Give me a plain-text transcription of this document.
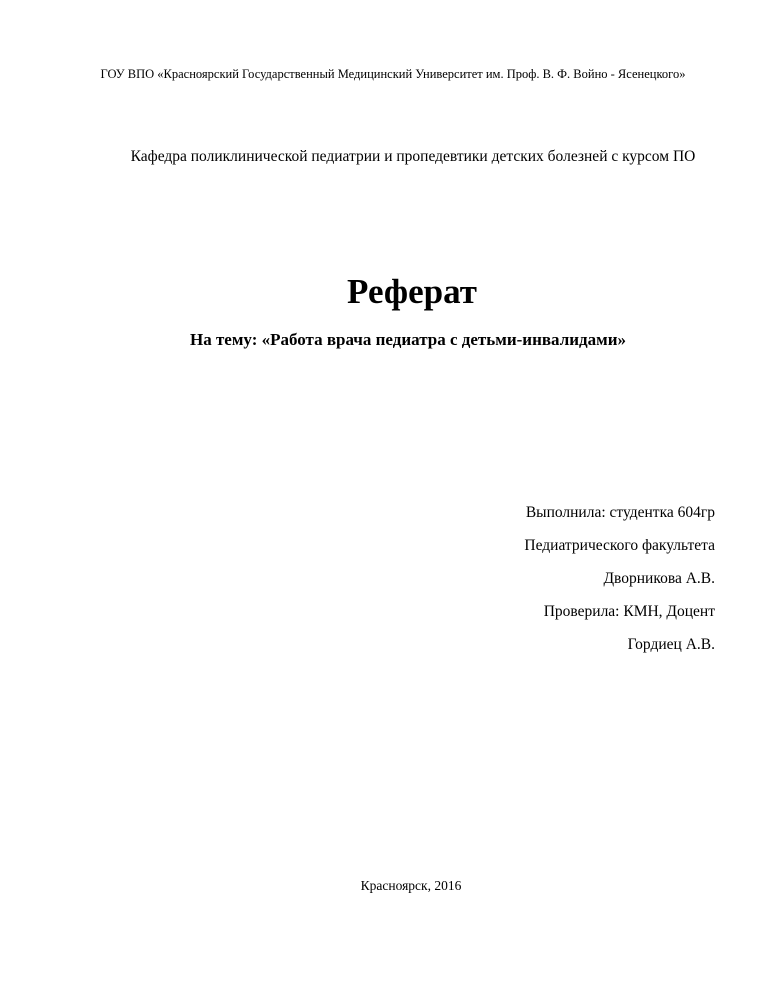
ГОУ ВПО «Красноярский Государственный Медицинский Университет им. Проф. В. Ф. Войно - Ясенецкого»
Кафедра поликлинической педиатрии и пропедевтики детских болезней с курсом ПО
Реферат
На тему: «Работа врача педиатра с детьми-инвалидами»
Выполнила: студентка 604гр
Педиатрического факультета
Дворникова А.В.
Проверила: КМН, Доцент
Гордиец А.В.
Красноярск, 2016
